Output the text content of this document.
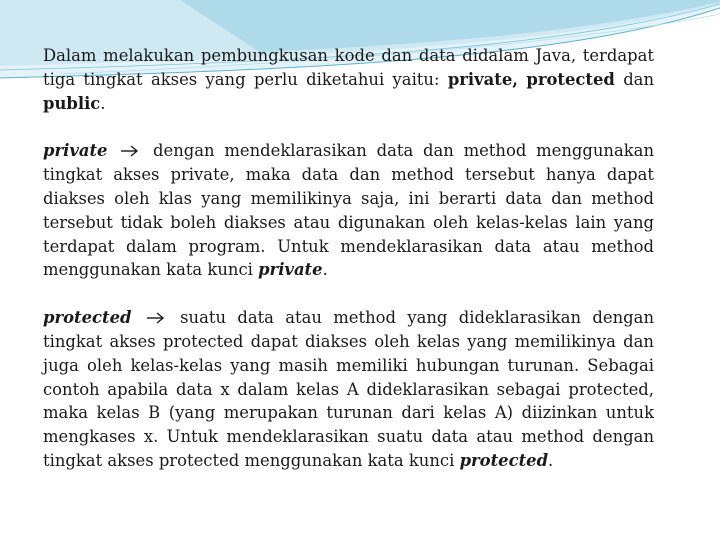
Dalam melakukan pembungkusan kode dan data didalam Java, terdapat tiga tingkat akses yang perlu diketahui yaitu: private, protected dan public.

private	dengan mendeklarasikan data dan method menggunakan tingkat akses private, maka data dan method tersebut hanya dapat diakses oleh klas yang memilikinya saja, ini berarti data dan method tersebut tidak boleh diakses atau digunakan oleh kelas-kelas lain yang terdapat dalam program. Untuk mendeklarasikan data atau method menggunakan kata kunci private.

protected	suatu data atau method yang dideklarasikan dengan tingkat akses protected dapat diakses oleh kelas yang memilikinya dan juga oleh kelas-kelas yang masih memiliki hubungan turunan. Sebagai contoh apabila data x dalam kelas A dideklarasikan sebagai protected, maka kelas B (yang merupakan turunan dari kelas A) diizinkan untuk mengkases x. Untuk mendeklarasikan suatu data atau method dengan tingkat akses protected menggunakan kata kunci protected.
